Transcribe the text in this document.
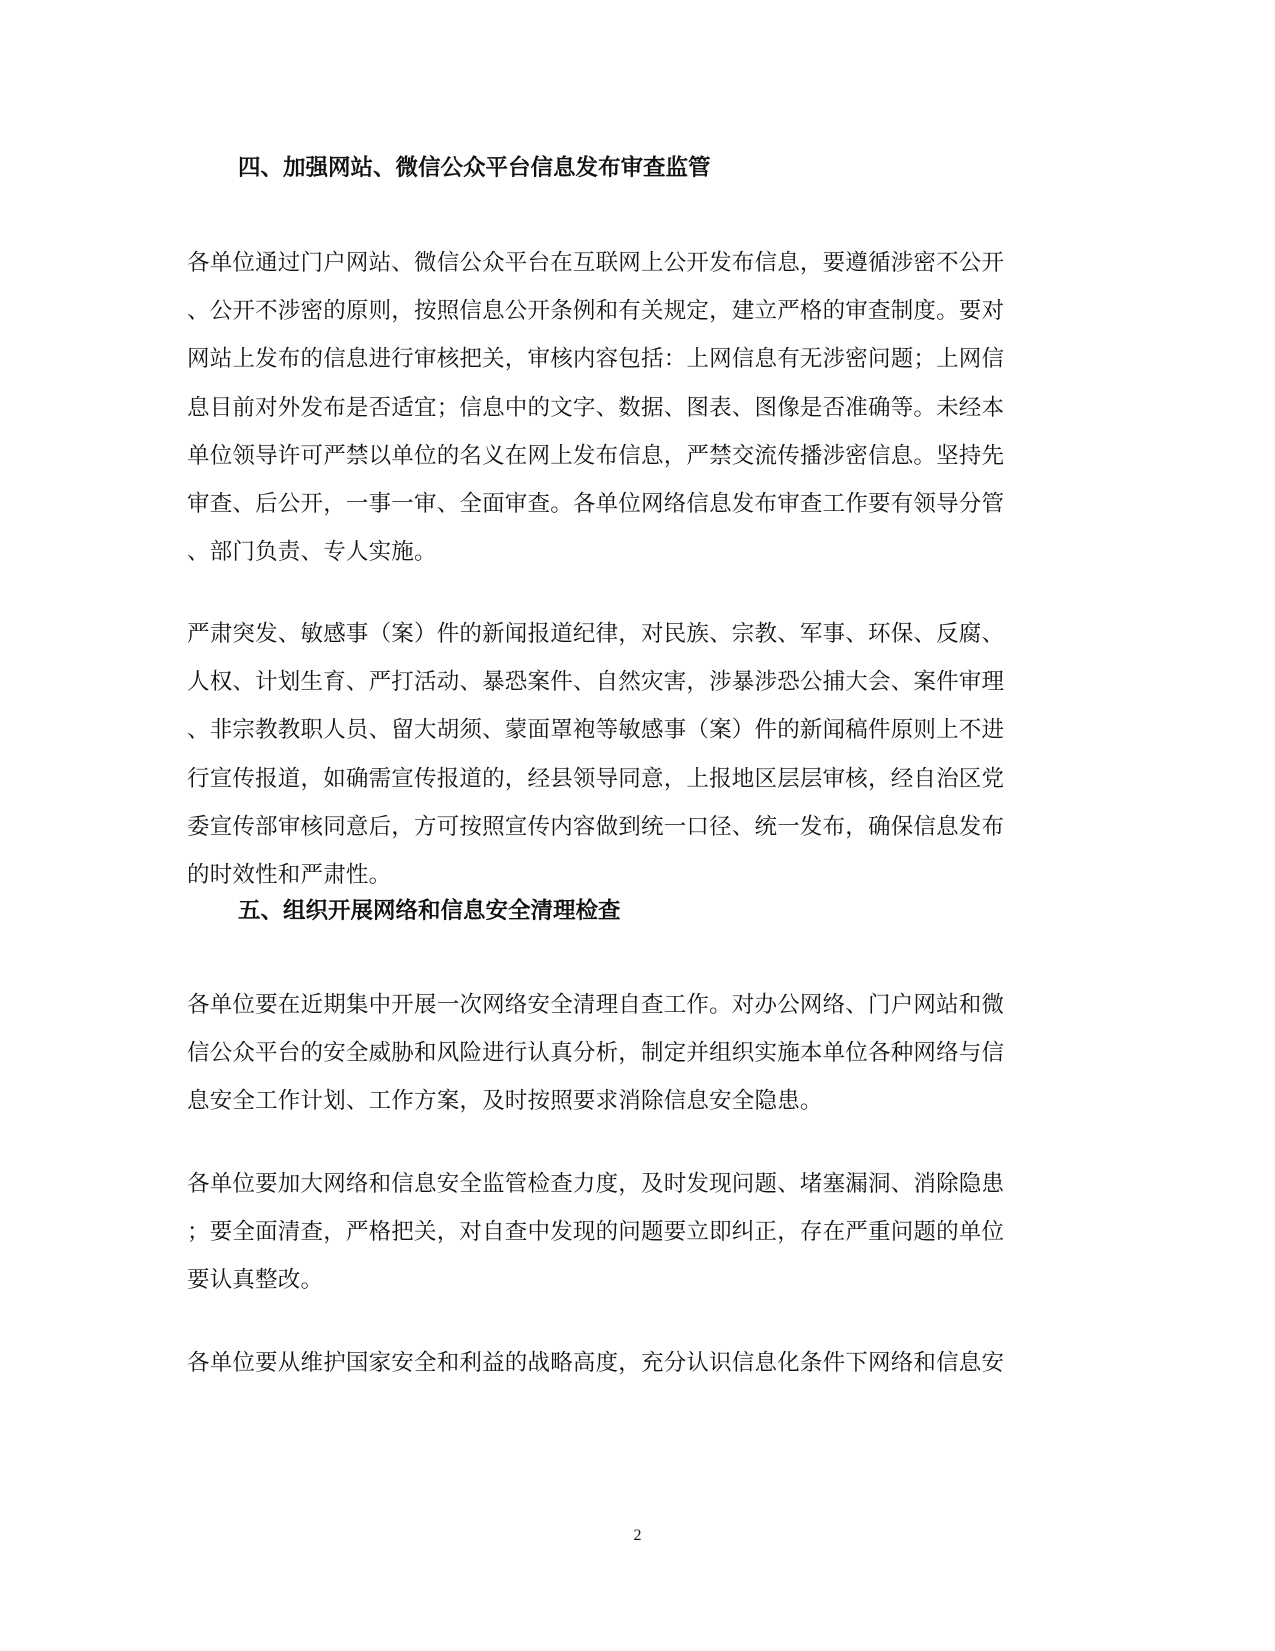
四、加强网站、微信公众平台信息发布审查监管
各单位通过门户网站、微信公众平台在互联网上公开发布信息，要遵循涉密不公开
、公开不涉密的原则，按照信息公开条例和有关规定，建立严格的审查制度。要对
网站上发布的信息进行审核把关，审核内容包括：上网信息有无涉密问题；上网信
息目前对外发布是否适宜；信息中的文字、数据、图表、图像是否准确等。未经本
单位领导许可严禁以单位的名义在网上发布信息，严禁交流传播涉密信息。坚持先
审查、后公开，一事一审、全面审查。各单位网络信息发布审查工作要有领导分管
、部门负责、专人实施。
严肃突发、敏感事（案）件的新闻报道纪律，对民族、宗教、军事、环保、反腐、
人权、计划生育、严打活动、暴恐案件、自然灾害，涉暴涉恐公捕大会、案件审理
、非宗教教职人员、留大胡须、蒙面罩袍等敏感事（案）件的新闻稿件原则上不进
行宣传报道，如确需宣传报道的，经县领导同意，上报地区层层审核，经自治区党
委宣传部审核同意后，方可按照宣传内容做到统一口径、统一发布，确保信息发布
的时效性和严肃性。
五、组织开展网络和信息安全清理检查
各单位要在近期集中开展一次网络安全清理自查工作。对办公网络、门户网站和微
信公众平台的安全威胁和风险进行认真分析，制定并组织实施本单位各种网络与信
息安全工作计划、工作方案，及时按照要求消除信息安全隐患。
各单位要加大网络和信息安全监管检查力度，及时发现问题、堵塞漏洞、消除隐患
；要全面清查，严格把关，对自查中发现的问题要立即纠正，存在严重问题的单位
要认真整改。
各单位要从维护国家安全和利益的战略高度，充分认识信息化条件下网络和信息安
2
